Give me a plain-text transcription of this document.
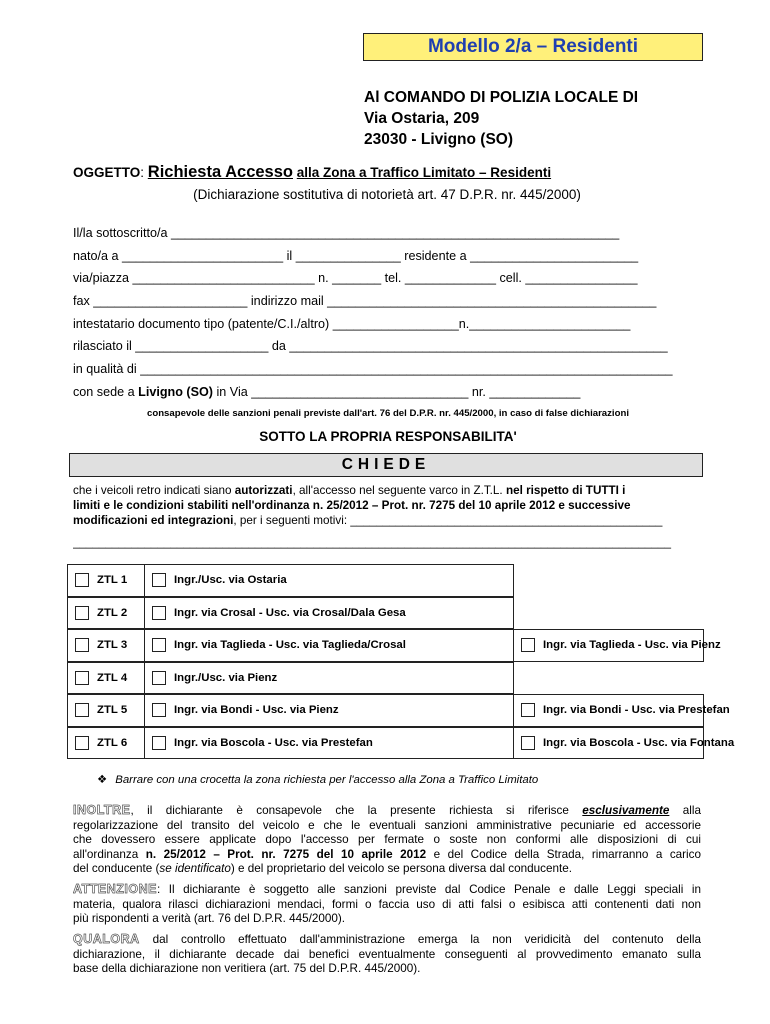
Modello 2/a – Residenti
Al COMANDO DI POLIZIA LOCALE DI
Via Ostaria, 209
23030 - Livigno (SO)
OGGETTO: Richiesta Accesso alla Zona a Traffico Limitato – Residenti
(Dichiarazione sostitutiva di notorietà art. 47 D.P.R. nr. 445/2000)
Il/la sottoscritto/a ________________________________________________________________
nato/a a _______________________ il _______________ residente a ________________________
via/piazza __________________________ n. _______ tel. _____________ cell. ________________
fax ______________________ indirizzo mail _______________________________________________
intestatario documento tipo (patente/C.I./altro) __________________n._______________________
rilasciato il ___________________ da ______________________________________________________
in qualità di ____________________________________________________________________________
con sede a Livigno (SO) in Via _______________________________ nr. _____________
consapevole delle sanzioni penali previste dall'art. 76 del D.P.R. nr. 445/2000, in caso di false dichiarazioni
SOTTO LA PROPRIA RESPONSABILITA'
CHIEDE
che i veicoli retro indicati siano autorizzati, all'accesso nel seguente varco in Z.T.L. nel rispetto di TUTTI i
limiti e le condizioni stabiliti nell'ordinanza n. 25/2012 – Prot. nr. 7275 del 10 aprile 2012 e successive
modificazioni ed integrazioni, per i seguenti motivi: ________________________________________________
____________________________________________________________________________________________
ZTL 1	Ingr./Usc. via Ostaria
ZTL 2	Ingr. via Crosal - Usc. via Crosal/Dala Gesa
ZTL 3	Ingr. via Taglieda - Usc. via Taglieda/Crosal	Ingr. via Taglieda - Usc. via Pienz
ZTL 4	Ingr./Usc. via Pienz
ZTL 5	Ingr. via Bondi - Usc. via Pienz	Ingr. via Bondi - Usc. via Prestefan
ZTL 6	Ingr. via Boscola - Usc. via Prestefan	Ingr. via Boscola - Usc. via Fontana
❖ Barrare con una crocetta la zona richiesta per l'accesso alla Zona a Traffico Limitato
INOLTRE, il dichiarante è consapevole che la presente richiesta si riferisce esclusivamente alla
regolarizzazione del transito del veicolo e che le eventuali sanzioni amministrative pecuniarie ed accessorie
che dovessero essere applicate dopo l'accesso per fermate o soste non conformi alle disposizioni di cui
all'ordinanza n. 25/2012 – Prot. nr. 7275 del 10 aprile 2012 e del Codice della Strada, rimarranno a carico
del conducente (se identificato) e del proprietario del veicolo se persona diversa dal conducente.
ATTENZIONE: Il dichiarante è soggetto alle sanzioni previste dal Codice Penale e dalle Leggi speciali in
materia, qualora rilasci dichiarazioni mendaci, formi o faccia uso di atti falsi o esibisca atti contenenti dati non
più rispondenti a verità (art. 76 del D.P.R. 445/2000).
QUALORA dal controllo effettuato dall'amministrazione emerga la non veridicità del contenuto della
dichiarazione, il dichiarante decade dai benefici eventualmente conseguenti al provvedimento emanato sulla
base della dichiarazione non veritiera (art. 75 del D.P.R. 445/2000).
